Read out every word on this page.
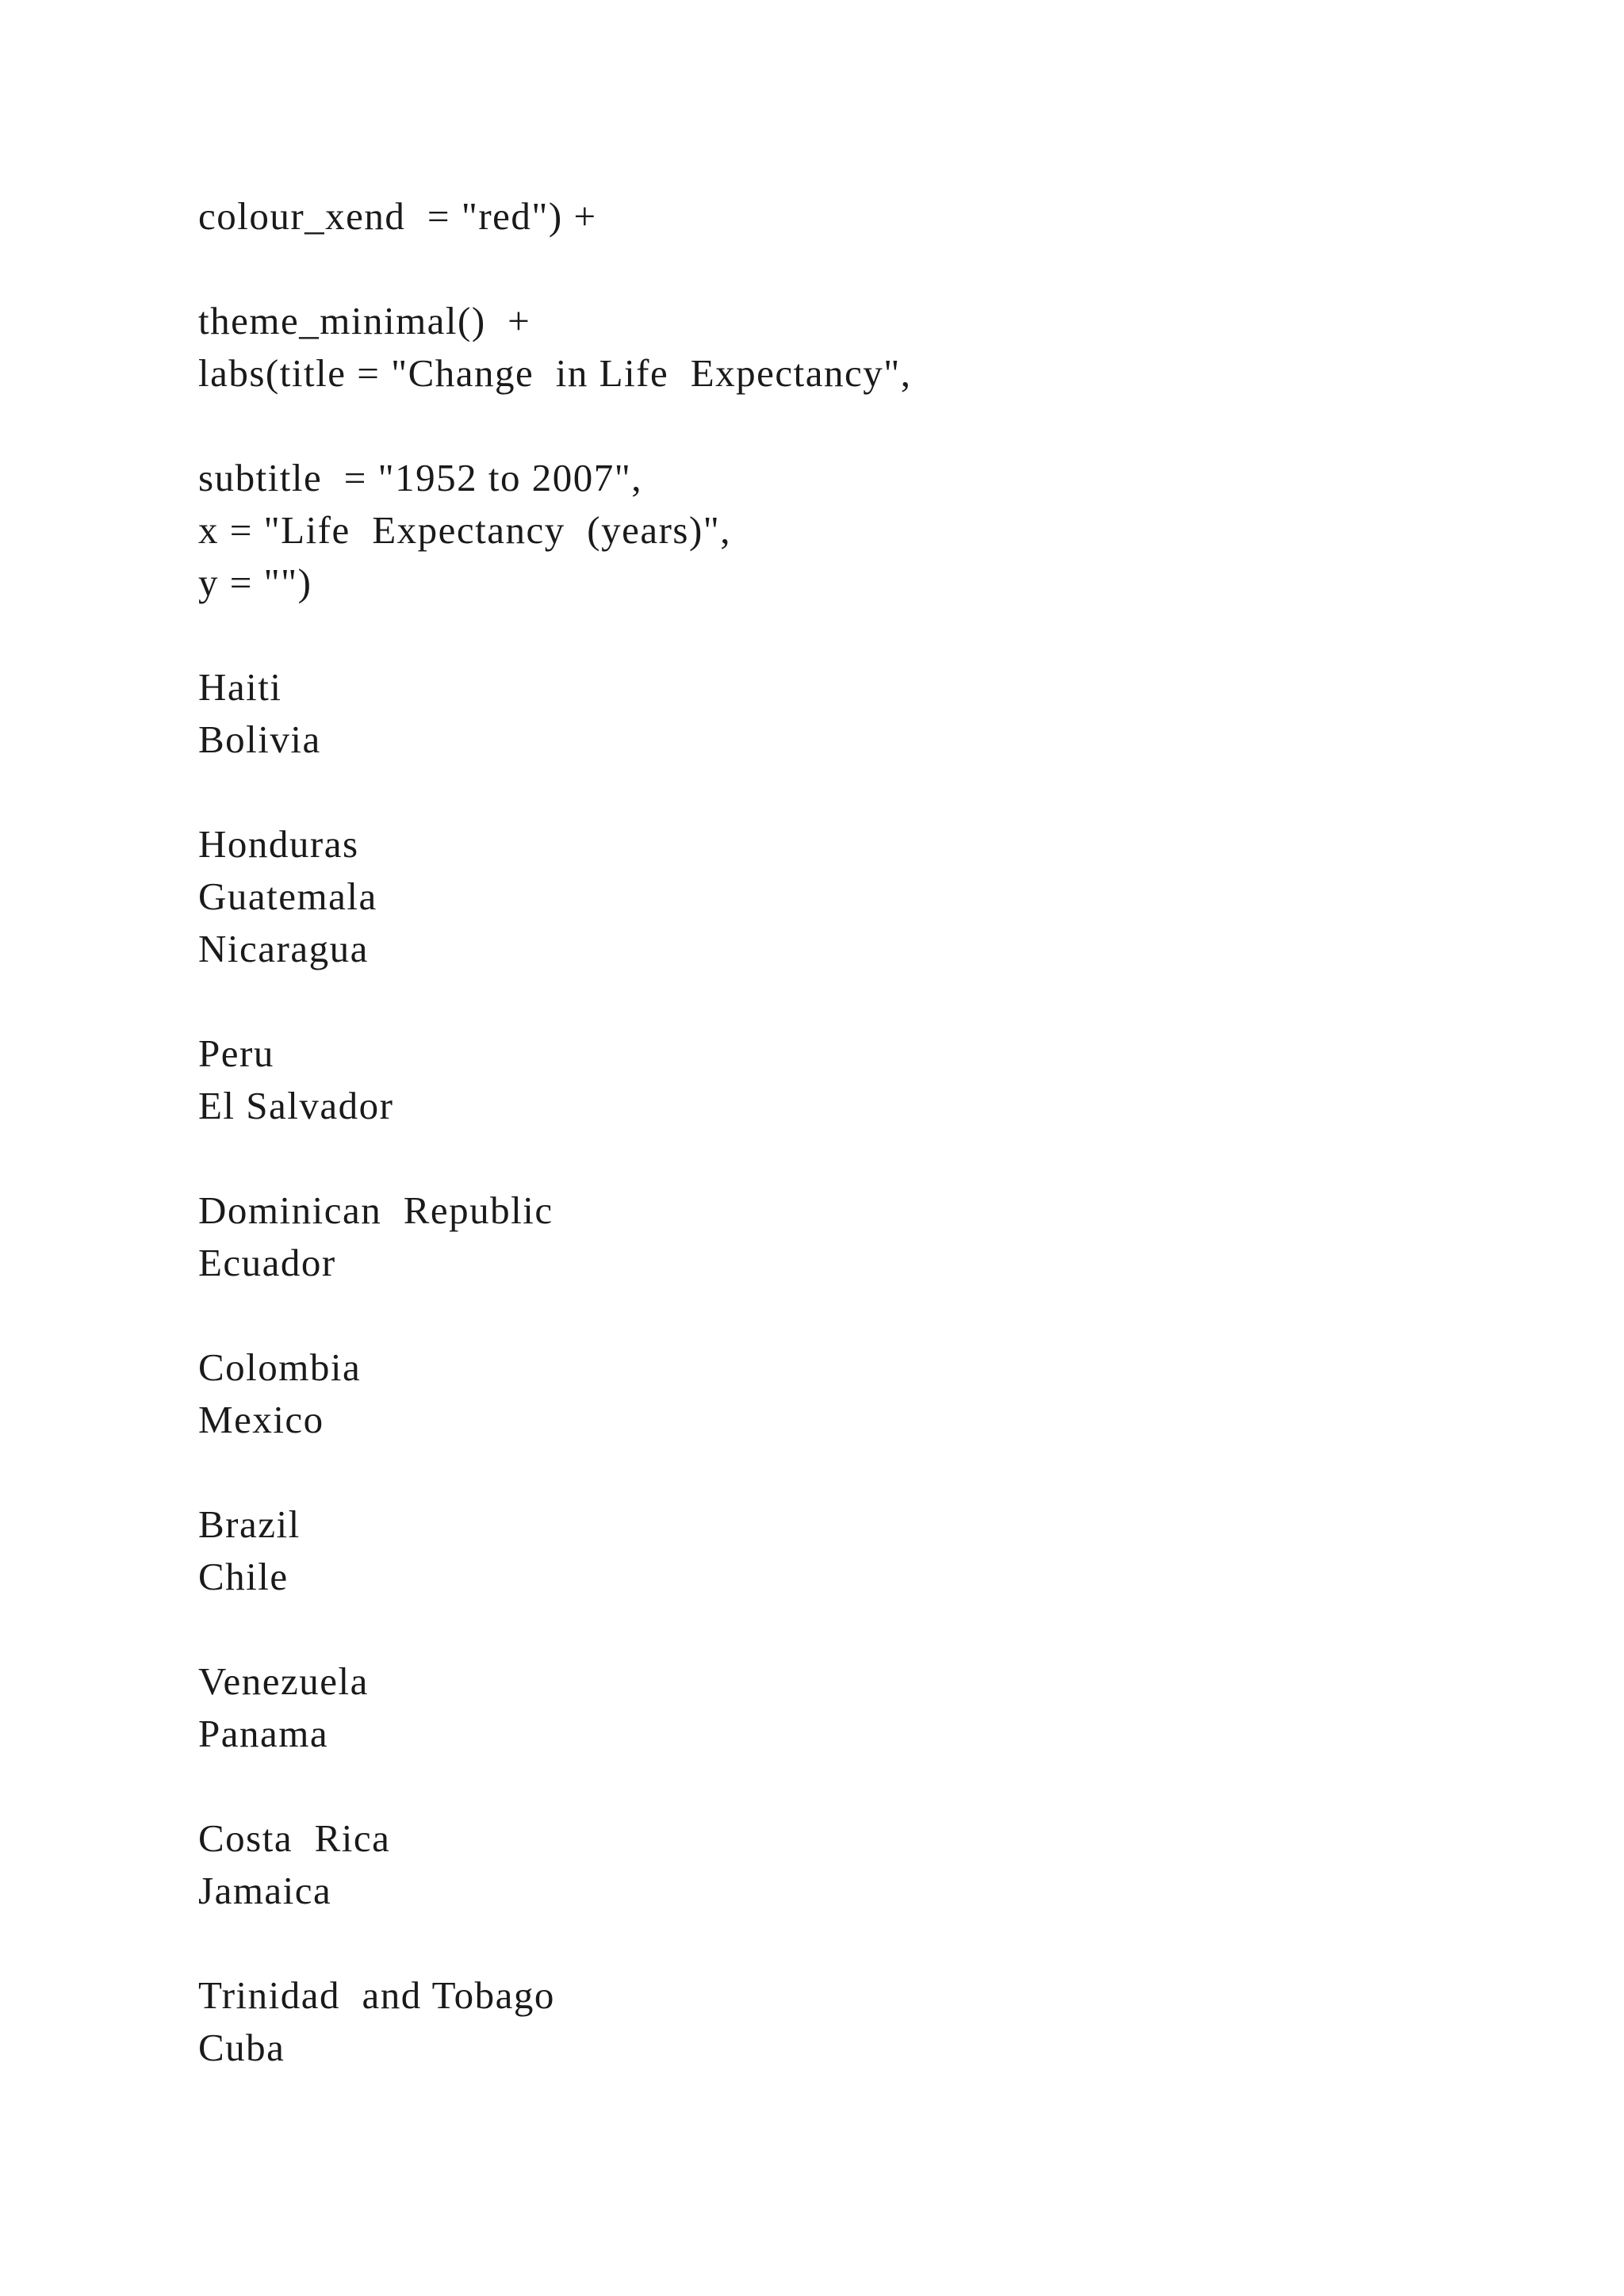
colour_xend  = "red") +
theme_minimal()  +
labs(title = "Change  in Life  Expectancy",
subtitle  = "1952 to 2007",
x = "Life  Expectancy  (years)",
y = "")
Haiti
Bolivia
Honduras
Guatemala
Nicaragua
Peru
El Salvador
Dominican  Republic
Ecuador
Colombia
Mexico
Brazil
Chile
Venezuela
Panama
Costa  Rica
Jamaica
Trinidad  and Tobago
Cuba
